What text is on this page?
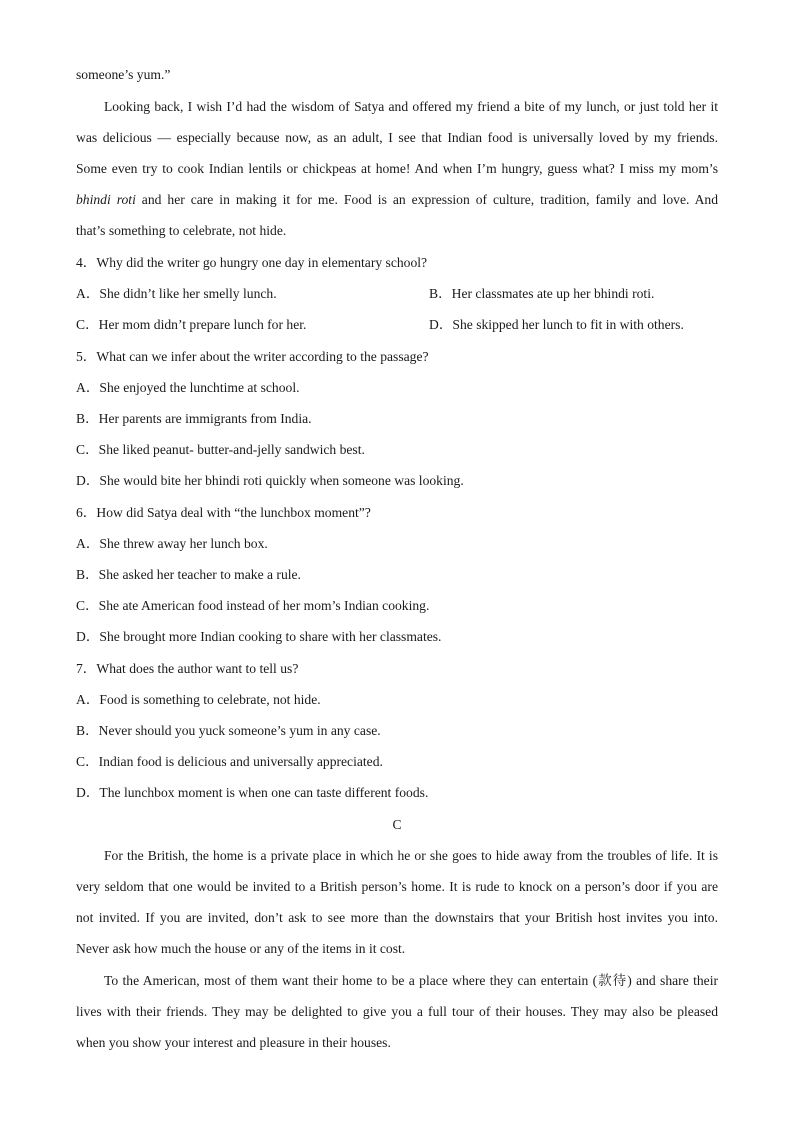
someone’s yum.”
Looking back, I wish I’d had the wisdom of Satya and offered my friend a bite of my lunch, or just told her it
was delicious — especially because now, as an adult, I see that Indian food is universally loved by my friends.
Some even try to cook Indian lentils or chickpeas at home! And when I’m hungry, guess what? I miss my mom’s
bhindi roti and her care in making it for me. Food is an expression of culture, tradition, family and love. And
that’s something to celebrate, not hide.
4．Why did the writer go hungry one day in elementary school?
A．She didn’t like her smelly lunch.	B．Her classmates ate up her bhindi roti.
C．Her mom didn’t prepare lunch for her.	D．She skipped her lunch to fit in with others.
5．What can we infer about the writer according to the passage?
A．She enjoyed the lunchtime at school.
B．Her parents are immigrants from India.
C．She liked peanut- butter-and-jelly sandwich best.
D．She would bite her bhindi roti quickly when someone was looking.
6．How did Satya deal with “the lunchbox moment”?
A．She threw away her lunch box.
B．She asked her teacher to make a rule.
C．She ate American food instead of her mom’s Indian cooking.
D．She brought more Indian cooking to share with her classmates.
7．What does the author want to tell us?
A．Food is something to celebrate, not hide.
B．Never should you yuck someone’s yum in any case.
C．Indian food is delicious and universally appreciated.
D．The lunchbox moment is when one can taste different foods.
C
For the British, the home is a private place in which he or she goes to hide away from the troubles of life. It is
very seldom that one would be invited to a British person’s home. It is rude to knock on a person’s door if you are
not invited. If you are invited, don’t ask to see more than the downstairs that your British host invites you into.
Never ask how much the house or any of the items in it cost.
To the American, most of them want their home to be a place where they can entertain (款待) and share their
lives with their friends. They may be delighted to give you a full tour of their houses. They may also be pleased
when you show your interest and pleasure in their houses.
